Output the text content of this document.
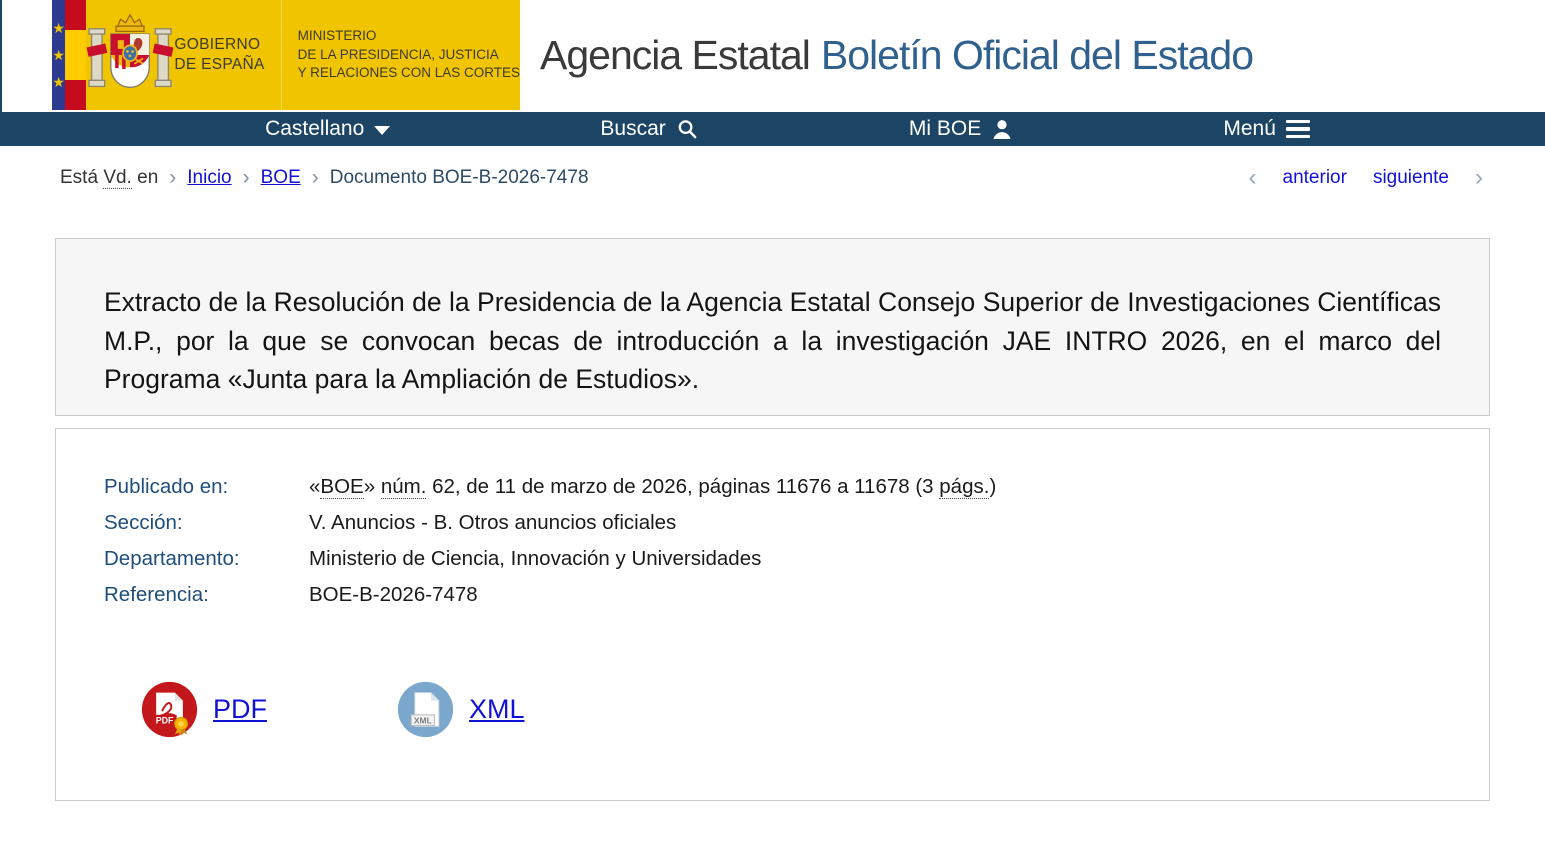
★
★
★
GOBIERNO
DE ESPAÑA
MINISTERIO
DE LA PRESIDENCIA, JUSTICIA
Y RELACIONES CON LAS CORTES Agencia Estatal Boletín Oficial del Estado
Castellano	Buscar	Mi BOE	Menú
Está Vd. en › Inicio › BOE › Documento BOE-B-2026-7478	‹ anterior siguiente ›
Extracto de la Resolución de la Presidencia de la Agencia Estatal Consejo Superior de Investigaciones Científicas M.P., por la que se convocan becas de introducción a la investigación JAE INTRO 2026, en el marco del Programa «Junta para la Ampliación de Estudios».
Publicado en:	«BOE» núm. 62, de 11 de marzo de 2026, páginas 11676 a 11678 (3 págs.)
Sección:	V. Anuncios - B. Otros anuncios oficiales
Departamento:	Ministerio de Ciencia, Innovación y Universidades
Referencia:	BOE-B-2026-7478
PDF PDF	XML XML
